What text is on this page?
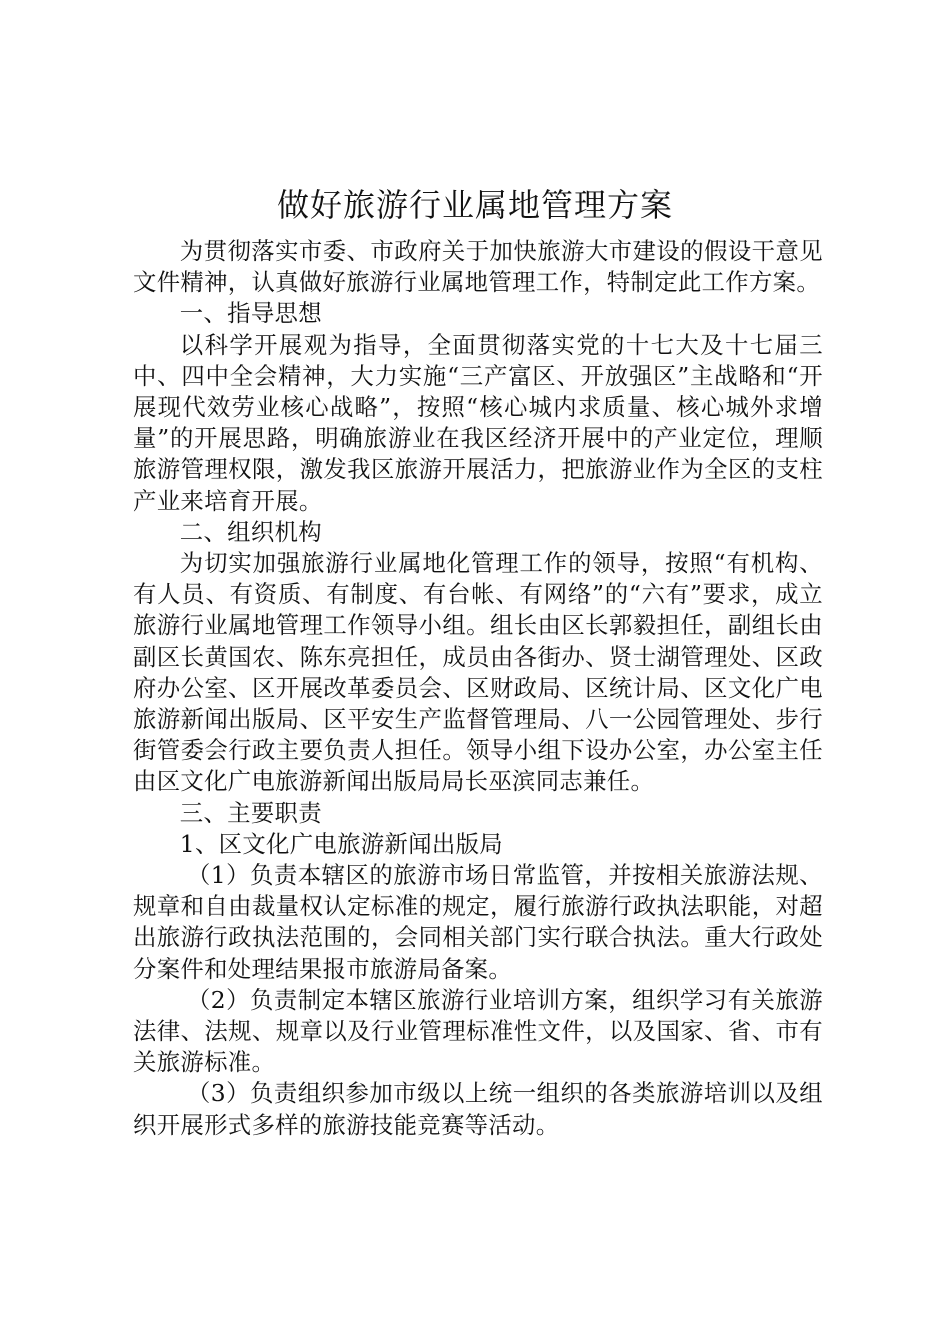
做好旅游行业属地管理方案

为贯彻落实市委、市政府关于加快旅游大市建设的假设干意见文件精神，认真做好旅游行业属地管理工作，特制定此工作方案。

一、指导思想

以科学开展观为指导，全面贯彻落实党的十七大及十七届三中、四中全会精神，大力实施“三产富区、开放强区”主战略和“开展现代效劳业核心战略”，按照“核心城内求质量、核心城外求增量”的开展思路，明确旅游业在我区经济开展中的产业定位，理顺旅游管理权限，激发我区旅游开展活力，把旅游业作为全区的支柱产业来培育开展。

二、组织机构

为切实加强旅游行业属地化管理工作的领导，按照“有机构、有人员、有资质、有制度、有台帐、有网络”的“六有”要求，成立旅游行业属地管理工作领导小组。组长由区长郭毅担任，副组长由副区长黄国农、陈东亮担任，成员由各街办、贤士湖管理处、区政府办公室、区开展改革委员会、区财政局、区统计局、区文化广电旅游新闻出版局、区平安生产监督管理局、八一公园管理处、步行街管委会行政主要负责人担任。领导小组下设办公室，办公室主任由区文化广电旅游新闻出版局局长巫滨同志兼任。

三、主要职责

1、区文化广电旅游新闻出版局

（1）负责本辖区的旅游市场日常监管，并按相关旅游法规、规章和自由裁量权认定标准的规定，履行旅游行政执法职能，对超出旅游行政执法范围的，会同相关部门实行联合执法。重大行政处分案件和处理结果报市旅游局备案。

（2）负责制定本辖区旅游行业培训方案，组织学习有关旅游法律、法规、规章以及行业管理标准性文件，以及国家、省、市有关旅游标准。

（3）负责组织参加市级以上统一组织的各类旅游培训以及组织开展形式多样的旅游技能竞赛等活动。
